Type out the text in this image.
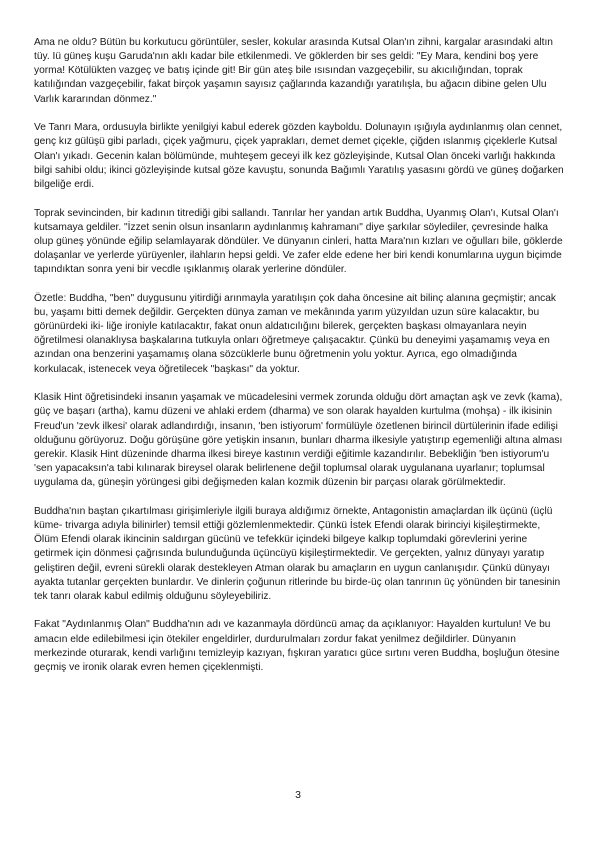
Ama ne oldu? Bütün bu korkutucu görüntüler, sesler, kokular arasında Kutsal Olan'ın zihni, kargalar arasındaki altın tüy. Iü güneş kuşu Garuda'nın aklı kadar bile etkilenmedi. Ve göklerden bir ses geldi: "Ey Mara, kendini boş yere yorma! Kötülükten vazgeç ve batış içinde git! Bir gün ateş bile ısısından vazgeçebilir, su akıcılığından, toprak katılığından vazgeçebilir, fakat birçok yaşamın sayısız çağlarında kazandığı yaratılışla, bu ağacın dibine gelen Ulu Varlık kararından dönmez."

Ve Tanrı Mara, ordusuyla birlikte yenilgiyi kabul ederek gözden kayboldu. Dolunayın ışığıyla aydınlanmış olan cennet, genç kız gülüşü gibi parladı, çiçek yağmuru, çiçek yaprakları, demet demet çiçekle, çiğden ıslanmış çiçeklerle Kutsal Olan'ı yıkadı. Gecenin kalan bölümünde, muhteşem geceyi ilk kez gözleyişinde, Kutsal Olan önceki varlığı hakkında bilgi sahibi oldu; ikinci gözleyişinde kutsal göze kavuştu, sonunda Bağımlı Yaratılış yasasını gördü ve güneş doğarken bilgeliğe erdi.

Toprak sevincinden, bir kadının titrediği gibi sallandı. Tanrılar her yandan artık Buddha, Uyanmış Olan'ı, Kutsal Olan'ı kutsamaya geldiler. "İzzet senin olsun insanların aydınlanmış kahramanı" diye şarkılar söylediler, çevresinde halka olup güneş yönünde eğilip selamlayarak döndüler. Ve dünyanın cinleri, hatta Mara'nın kızları ve oğulları bile, göklerde dolaşanlar ve yerlerde yürüyenler, ilahların hepsi geldi. Ve zafer elde edene her biri kendi konumlarına uygun biçimde tapındıktan sonra yeni bir vecdle ışıklanmış olarak yerlerine döndüler.

Özetle: Buddha, "ben" duygusunu yitirdiği arınmayla yaratılışın çok daha öncesine ait bilinç alanına geçmiştir; ancak bu, yaşamı bitti demek değildir. Gerçekten dünya zaman ve mekânında yarım yüzyıldan uzun süre kalacaktır, bu görünürdeki iki- liğe ironiyle katılacaktır, fakat onun aldatıcılığını bilerek, gerçekten başkası olmayanlara neyin öğretilmesi olanaklıysa başkalarına tutkuyla onları öğretmeye çalışacaktır. Çünkü bu deneyimi yaşamamış veya en azından ona benzerini yaşamamış olana sözcüklerle bunu öğretmenin yolu yoktur. Ayrıca, ego olmadığında korkulacak, istenecek veya öğretilecek "başkası" da yoktur.

Klasik Hint öğretisindeki insanın yaşamak ve mücadelesini vermek zorunda olduğu dört amaçtan aşk ve zevk (kama), güç ve başarı (artha), kamu düzeni ve ahlaki erdem (dharma) ve son olarak hayalden kurtulma (mohşa) - ilk ikisinin Freud'un 'zevk ilkesi' olarak adlandırdığı, insanın, 'ben istiyorum' formülüyle özetlenen birincil dürtülerinin ifade edilişi olduğunu görüyoruz. Doğu görüşüne göre yetişkin insanın, bunları dharma ilkesiyle yatıştırıp egemenliği altına alması gerekir. Klasik Hint düzeninde dharma ilkesi bireye kastının verdiği eğitimle kazandırılır. Bebekliğin 'ben istiyorum'u 'sen yapacaksın'a tabi kılınarak bireysel olarak belirlenene değil toplumsal olarak uygulanana uyarlanır; toplumsal uygulama da, güneşin yörüngesi gibi değişmeden kalan kozmik düzenin bir parçası olarak görülmektedir.

Buddha'nın baştan çıkartılması girişimleriyle ilgili buraya aldığımız örnekte, Antagonistin amaçlardan ilk üçünü (üçlü küme- trivarga adıyla bilinirler) temsil ettiği gözlemlenmektedir. Çünkü İstek Efendi olarak birinciyi kişileştirmekte, Ölüm Efendi olarak ikincinin saldırgan gücünü ve tefekkür içindeki bilgeye kalkıp toplumdaki görevlerini yerine getirmek için dönmesi çağrısında bulunduğunda üçüncüyü kişileştirmektedir. Ve gerçekten, yalnız dünyayı yaratıp geliştiren değil, evreni sürekli olarak destekleyen Atman olarak bu amaçların en uygun canlanışıdır. Çünkü dünyayı ayakta tutanlar gerçekten bunlardır. Ve dinlerin çoğunun ritlerinde bu birde-üç olan tanrının üç yönünden bir tanesinin tek tanrı olarak kabul edilmiş olduğunu söyleyebiliriz.

Fakat "Aydınlanmış Olan" Buddha'nın adı ve kazanmayla dördüncü amaç da açıklanıyor: Hayalden kurtulun! Ve bu amacın elde edilebilmesi için ötekiler engeldirler, durdurulmaları zordur fakat yenilmez değildirler. Dünyanın merkezinde oturarak, kendi varlığını temizleyip kazıyan, fışkıran yaratıcı güce sırtını veren Buddha, boşluğun ötesine geçmiş ve ironik olarak evren hemen çiçeklenmişti.

3
